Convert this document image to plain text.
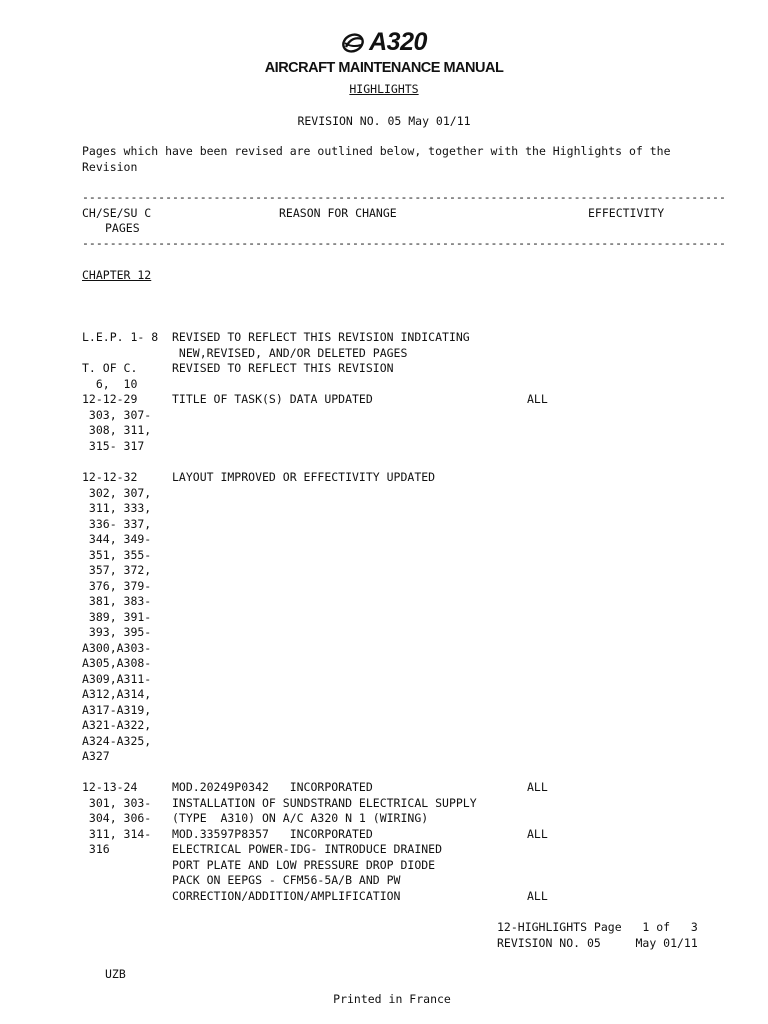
A320
AIRCRAFT MAINTENANCE MANUAL
HIGHLIGHTS
REVISION NO. 05 May 01/11
Pages which have been revised are outlined below, together with the Highlights of the
Revision
---------------------------------------------------------------------------------------------
CH/SE/SU C
PAGES
REASON FOR CHANGE	EFFECTIVITY
---------------------------------------------------------------------------------------------
CHAPTER 12
L.E.P. 1- 8 REVISED TO REFLECT THIS REVISION INDICATING
NEW,REVISED, AND/OR DELETED PAGES
T. OF C.
6,  10
REVISED TO REFLECT THIS REVISION
12-12-29
303, 307-
308, 311,
315- 317
TITLE OF TASK(S) DATA UPDATED	ALL
12-12-32
302, 307,
311, 333,
336- 337,
344, 349-
351, 355-
357, 372,
376, 379-
381, 383-
389, 391-
393, 395-
A300,A303-
A305,A308-
A309,A311-
A312,A314,
A317-A319,
A321-A322,
A324-A325,
A327
LAYOUT IMPROVED OR EFFECTIVITY UPDATED
12-13-24
301, 303-
304, 306-
311, 314-
316
MOD.20249P0342   INCORPORATED
INSTALLATION OF SUNDSTRAND ELECTRICAL SUPPLY
(TYPE  A310) ON A/C A320 N 1 (WIRING)
MOD.33597P8357   INCORPORATED
ELECTRICAL POWER-IDG- INTRODUCE DRAINED
PORT PLATE AND LOW PRESSURE DROP DIODE
PACK ON EEPGS - CFM56-5A/B AND PW
CORRECTION/ADDITION/AMPLIFICATION
ALL
ALL
ALL
12-HIGHLIGHTS Page   1 of   3
REVISION NO. 05     May 01/11
UZB
Printed in France
